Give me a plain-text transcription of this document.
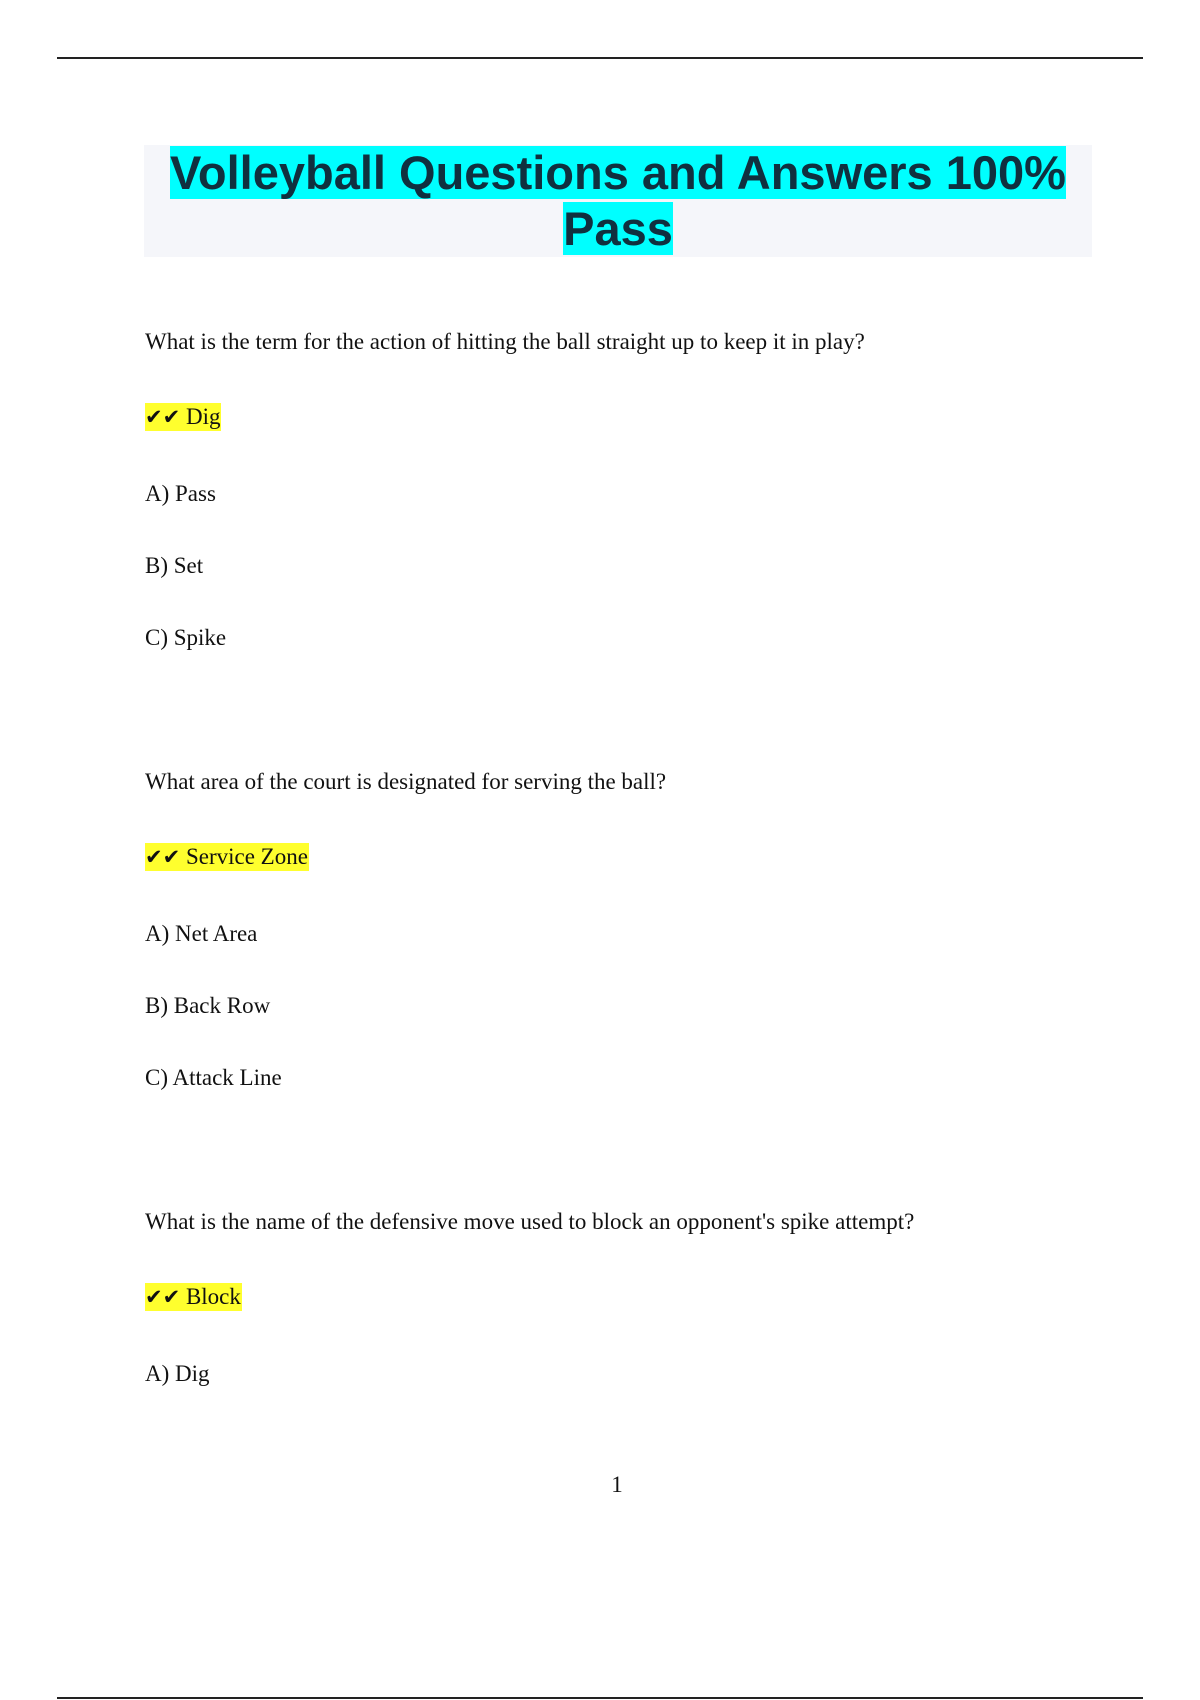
Volleyball Questions and Answers 100%
Pass

What is the term for the action of hitting the ball straight up to keep it in play?

✔✔ Dig

A) Pass

B) Set

C) Spike

What area of the court is designated for serving the ball?

✔✔ Service Zone

A) Net Area

B) Back Row

C) Attack Line

What is the name of the defensive move used to block an opponent's spike attempt?

✔✔ Block

A) Dig

1
